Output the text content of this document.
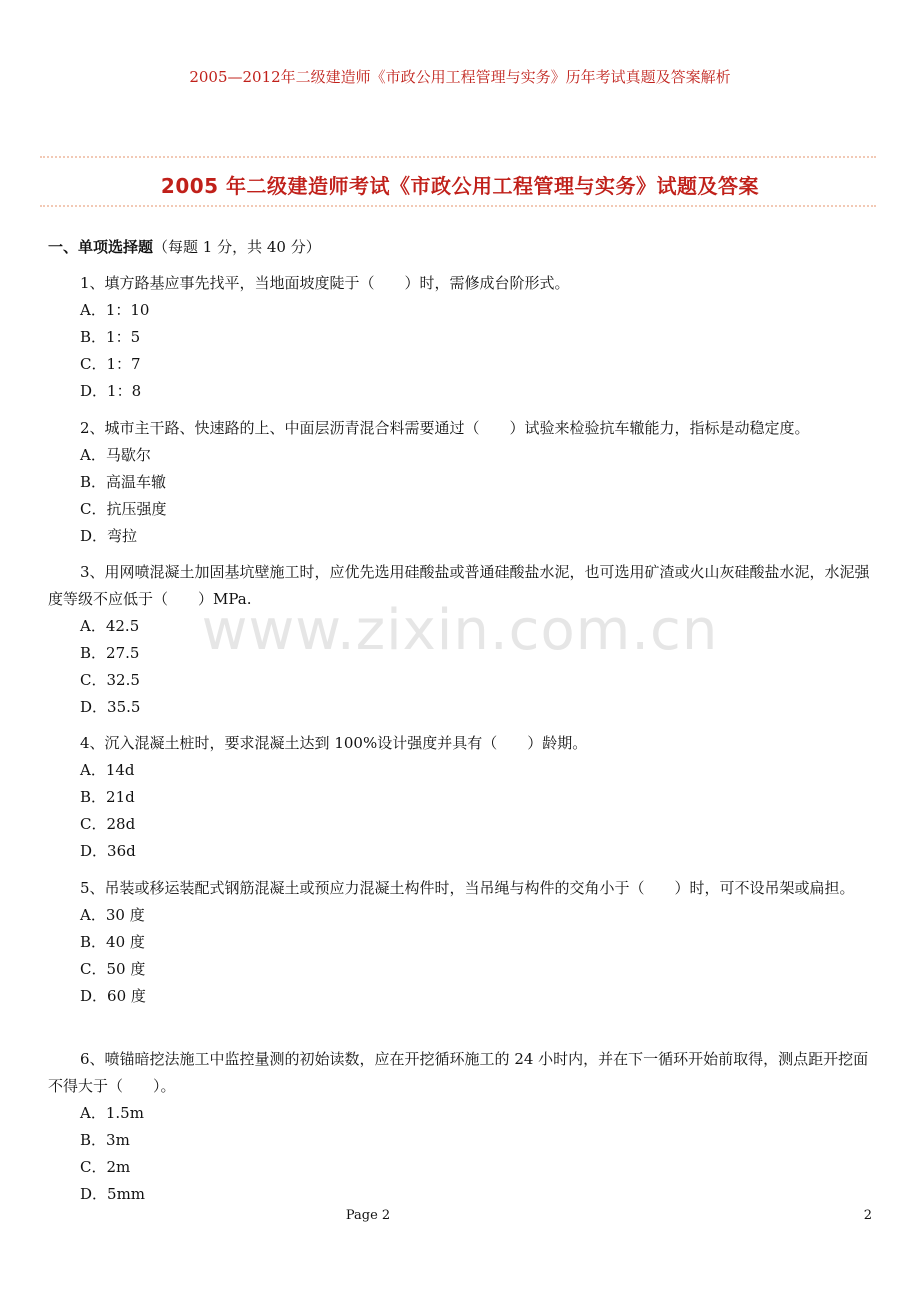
2005—2012年二级建造师《市政公用工程管理与实务》历年考试真题及答案解析
2005 年二级建造师考试《市政公用工程管理与实务》试题及答案
一、单项选择题（每题 1 分，共 40 分）
www.zixin.com.cn

1、填方路基应事先找平，当地面坡度陡于（　　）时，需修成台阶形式。

A．1：10

B．1：5

C．1：7

D．1：8

2、城市主干路、快速路的上、中面层沥青混合料需要通过（　　）试验来检验抗车辙能力，指标是动稳定度。

A．马歇尔

B．高温车辙

C．抗压强度

D．弯拉

3、用网喷混凝土加固基坑壁施工时，应优先选用硅酸盐或普通硅酸盐水泥，也可选用矿渣或火山灰硅酸盐水泥，水泥强度等级不应低于（　　）MPa.

A．42.5

B．27.5

C．32.5

D．35.5

4、沉入混凝土桩时，要求混凝土达到 100%设计强度并具有（　　）龄期。

A．14d

B．21d

C．28d

D．36d

5、吊装或移运装配式钢筋混凝土或预应力混凝土构件时，当吊绳与构件的交角小于（　　）时，可不设吊架或扁担。

A．30 度

B．40 度

C．50 度

D．60 度

6、喷锚暗挖法施工中监控量测的初始读数，应在开挖循环施工的 24 小时内，并在下一循环开始前取得，测点距开挖面不得大于（　　）。

A．1.5m

B．3m

C．2m

D．5mm

Page 2	2
